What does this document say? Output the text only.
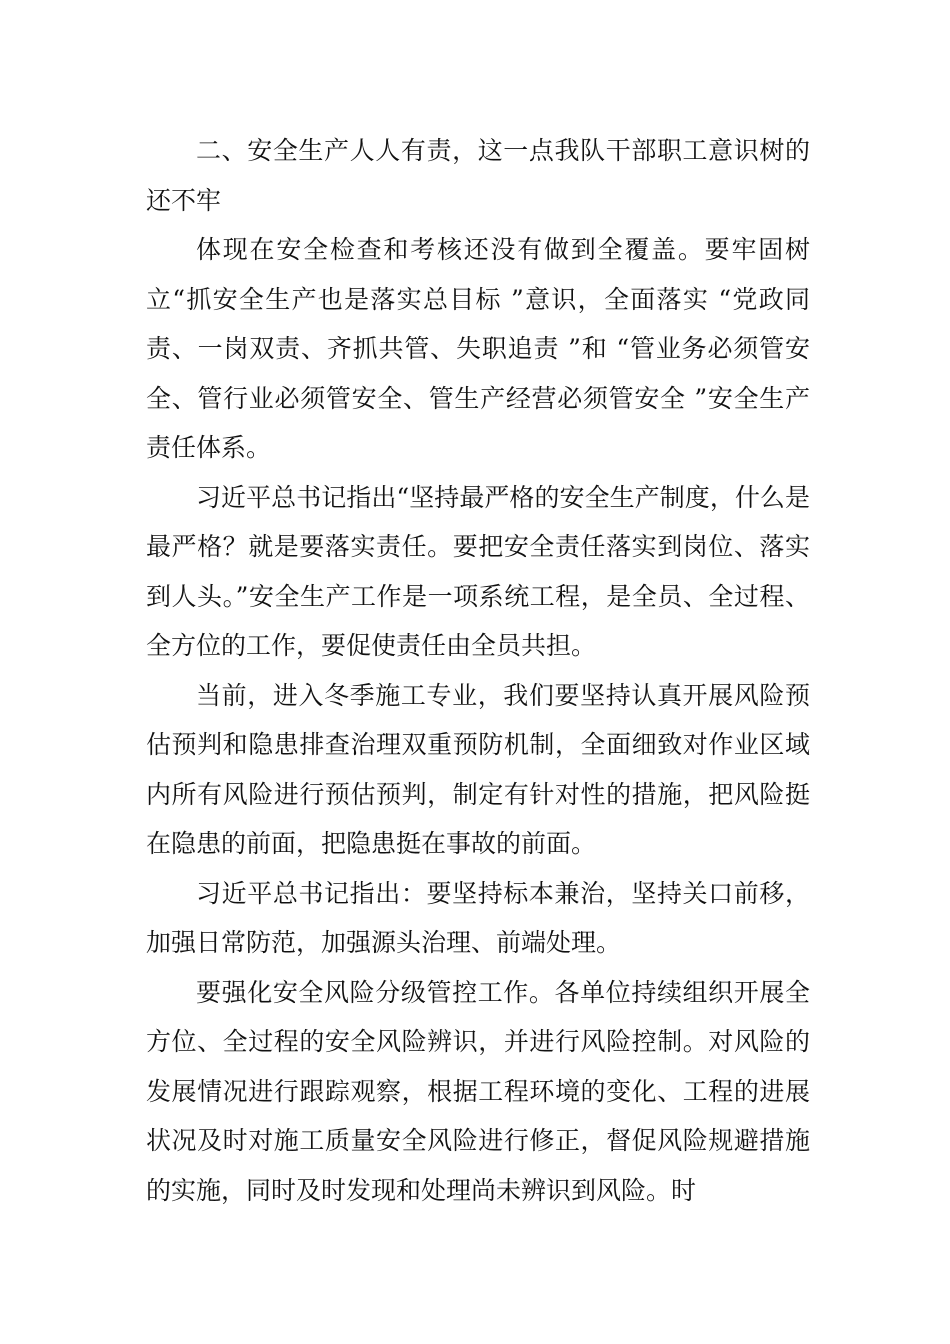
二、安全生产人人有责，这一点我队干部职工意识树的还不牢

体现在安全检查和考核还没有做到全覆盖。要牢固树立“抓安全生产也是落实总目标 ”意识，全面落实 “党政同责、一岗双责、齐抓共管、失职追责 ”和 “管业务必须管安全、管行业必须管安全、管生产经营必须管安全 ”安全生产责任体系。

习近平总书记指出“坚持最严格的安全生产制度，什么是最严格？就是要落实责任。要把安全责任落实到岗位、落实到人头。”安全生产工作是一项系统工程，是全员、全过程、全方位的工作，要促使责任由全员共担。

当前，进入冬季施工专业，我们要坚持认真开展风险预估预判和隐患排查治理双重预防机制，全面细致对作业区域内所有风险进行预估预判，制定有针对性的措施，把风险挺在隐患的前面，把隐患挺在事故的前面。

习近平总书记指出：要坚持标本兼治，坚持关口前移，加强日常防范，加强源头治理、前端处理。

要强化安全风险分级管控工作。各单位持续组织开展全方位、全过程的安全风险辨识，并进行风险控制。对风险的发展情况进行跟踪观察，根据工程环境的变化、工程的进展状况及时对施工质量安全风险进行修正，督促风险规避措施的实施，同时及时发现和处理尚未辨识到风险。时
